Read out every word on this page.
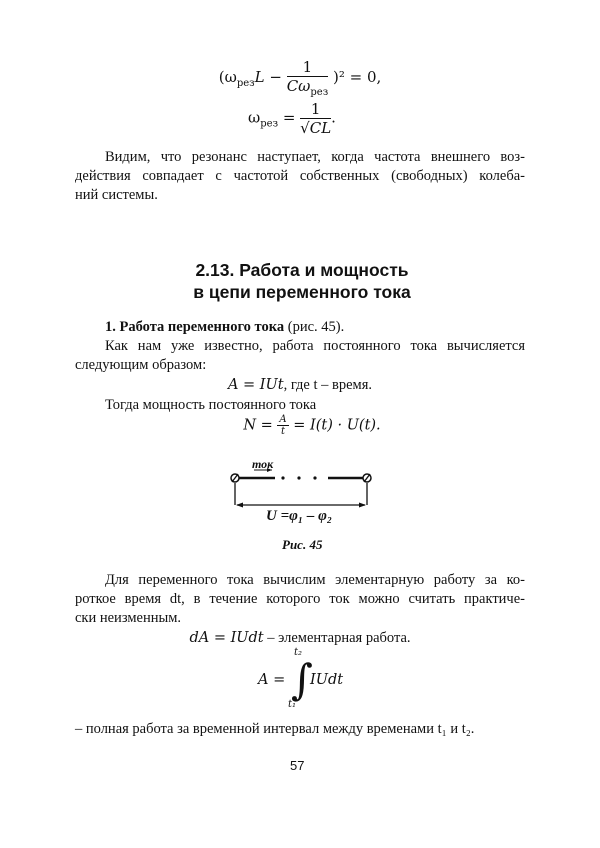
$(\omega_{рез}L - \frac{1}{C\omega_{рез}} )^2 = 0$,
$\omega_{рез} = \frac{1}{√CL}$ .
Видим, что резонанс наступает, когда частота внешнего воз-
действия совпадает с частотой собственных (свободных) колеба-
ний системы.
2.13. Работа и мощность
в цепи переменного тока
1. Работа переменного тока (рис. 45).
Как нам уже известно, работа постоянного тока вычисляется
следующим образом:
A = IUt, где t – время.
Тогда мощность постоянного тока
$N = \frac{A}{t} = I(t) \cdot U(t)$.
ток
U =φ₁ – φ₂
Рис. 45
Для переменного тока вычислим элементарную работу за ко-
роткое время dt, в течение которого ток можно считать практиче-
ски неизменным.
dA = IUdt – элементарная работа.
A = ∫
t₂
t₁
IUdt
– полная работа за временной интервал между временами t₁ и t₂.
57
